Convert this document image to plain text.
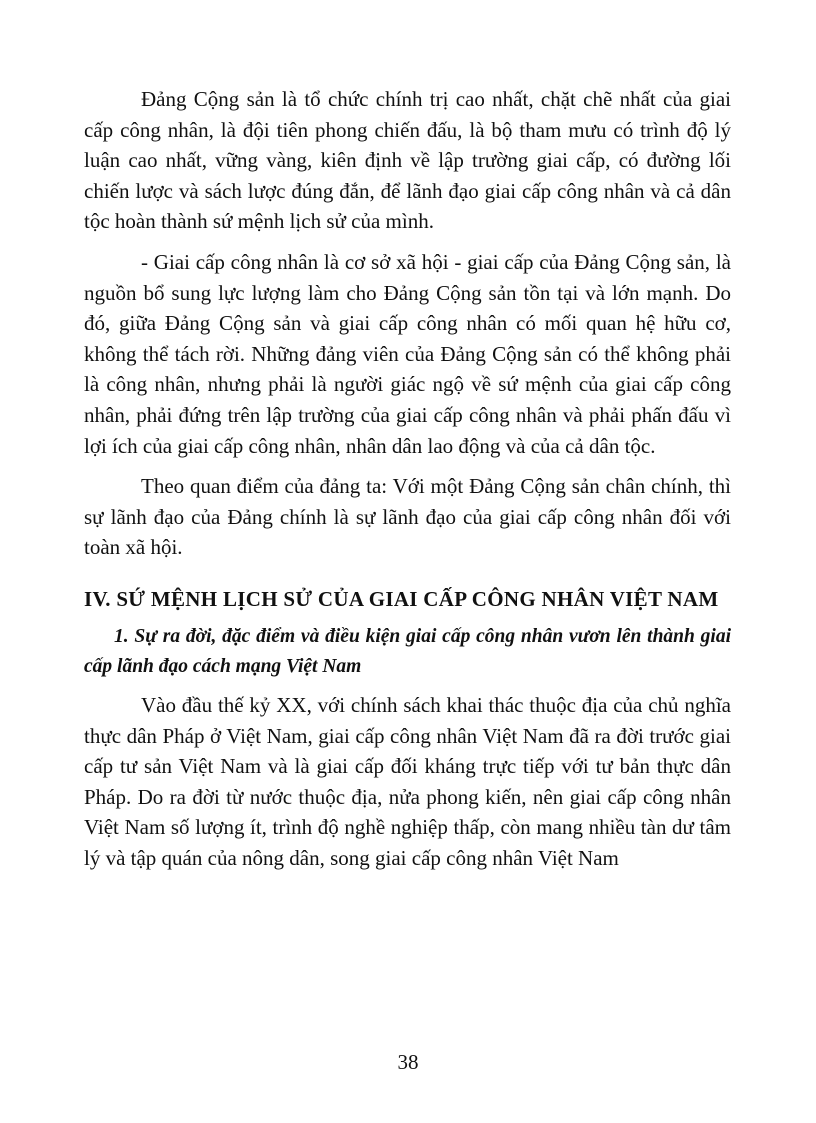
Đảng Cộng sản là tổ chức chính trị cao nhất, chặt chẽ nhất của giai cấp công nhân, là đội tiên phong chiến đấu, là bộ tham mưu có trình độ lý luận cao nhất, vững vàng, kiên định về lập trường giai cấp, có đường lối chiến lược và sách lược đúng đắn, để lãnh đạo giai cấp công nhân và cả dân tộc hoàn thành sứ mệnh lịch sử của mình.

- Giai cấp công nhân là cơ sở xã hội - giai cấp của Đảng Cộng sản, là nguồn bổ sung lực lượng làm cho Đảng Cộng sản tồn tại và lớn mạnh. Do đó, giữa Đảng Cộng sản và giai cấp công nhân có mối quan hệ hữu cơ, không thể tách rời. Những đảng viên của Đảng Cộng sản có thể không phải là công nhân, nhưng phải là người giác ngộ về sứ mệnh của giai cấp công nhân, phải đứng trên lập trường của giai cấp công nhân và phải phấn đấu vì lợi ích của giai cấp công nhân, nhân dân lao động và của cả dân tộc.

Theo quan điểm của đảng ta: Với một Đảng Cộng sản chân chính, thì sự lãnh đạo của Đảng chính là sự lãnh đạo của giai cấp công nhân đối với toàn xã hội.

IV. SỨ MỆNH LỊCH SỬ CỦA GIAI CẤP CÔNG NHÂN VIỆT NAM
1. Sự ra đời, đặc điểm và điều kiện giai cấp công nhân vươn lên thành giai cấp lãnh đạo cách mạng Việt Nam

Vào đầu thế kỷ XX, với chính sách khai thác thuộc địa của chủ nghĩa thực dân Pháp ở Việt Nam, giai cấp công nhân Việt Nam đã ra đời trước giai cấp tư sản Việt Nam và là giai cấp đối kháng trực tiếp với tư bản thực dân Pháp. Do ra đời từ nước thuộc địa, nửa phong kiến, nên giai cấp công nhân Việt Nam số lượng ít, trình độ nghề nghiệp thấp, còn mang nhiều tàn dư tâm lý và tập quán của nông dân, song giai cấp công nhân Việt Nam

38
